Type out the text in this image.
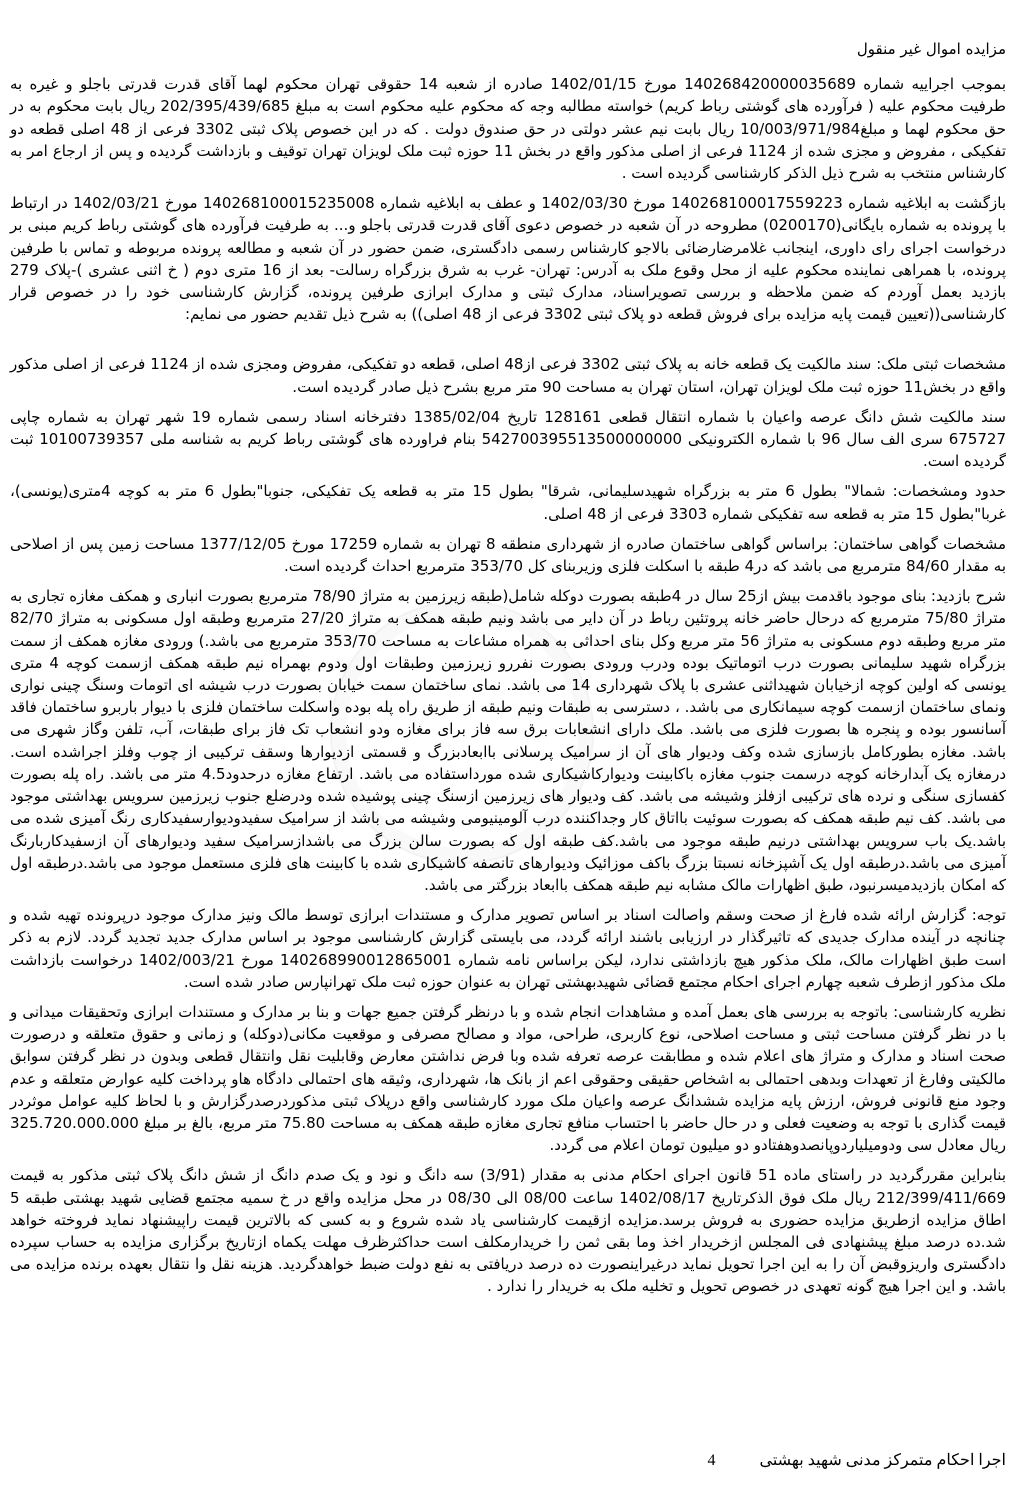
مزایده اموال غیر منقول

بموجب اجراییه شماره 140268420000035689 مورخ 1402/01/15 صادره از شعبه 14 حقوقی تهران محکوم لهما آقای قدرت قدرتی باجلو و غیره به طرفیت محکوم علیه ( فرآورده های گوشتی رباط کریم) خواسته مطالبه وجه که محکوم علیه محکوم است به مبلغ 202/395/439/685 ریال بابت محکوم به در حق محکوم لهما و مبلغ10/003/971/984 ریال بابت نیم عشر دولتی در حق صندوق دولت . که در این خصوص پلاک ثبتی 3302 فرعی از 48 اصلی قطعه دو تفکیکی ، مفروض و مجزی شده از 1124 فرعی از اصلی مذکور واقع در بخش 11 حوزه ثبت ملک لویزان تهران توقیف و بازداشت گردیده و پس از ارجاع امر به کارشناس منتخب به شرح ذیل الذکر کارشناسی گردیده است .

بازگشت به ابلاغیه شماره 140268100017559223 مورخ 1402/03/30 و عطف به ابلاغیه شماره 140268100015235008 مورخ 1402/03/21 در ارتباط با پرونده به شماره بایگانی(0200170) مطروحه در آن شعبه در خصوص دعوی آقای قدرت قدرتی باجلو و... به طرفیت فرآورده های گوشتی رباط کریم مبنی بر درخواست اجرای رای داوری، اینجانب غلامرضارضائی بالاجو کارشناس رسمی دادگستری، ضمن حضور در آن شعبه و مطالعه پرونده مربوطه و تماس با طرفین پرونده، با همراهی نماینده محکوم علیه از محل وقوع ملک به آدرس: تهران- غرب به شرق بزرگراه رسالت- بعد از 16 متری دوم ( خ اثنی عشری )-پلاک 279 بازدید بعمل آوردم که ضمن ملاحظه و بررسی تصویراسناد، مدارک ثبتی و مدارک ابرازی طرفین پرونده، گزارش کارشناسی خود را در خصوص قرار کارشناسی((تعیین قیمت پایه مزایده برای فروش قطعه دو پلاک ثبتی 3302 فرعی از 48 اصلی)) به شرح ذیل تقدیم حضور می نمایم:

مشخصات ثبتی ملک: سند مالکیت یک قطعه خانه به پلاک ثبتی 3302 فرعی از48 اصلی، قطعه دو تفکیکی، مفروض ومجزی شده از 1124 فرعی از اصلی مذکور واقع در بخش11 حوزه ثبت ملک لویزان تهران، استان تهران به مساحت 90 متر مربع بشرح ذیل صادر گردیده است.

سند مالکیت شش دانگ عرصه واعیان با شماره انتقال قطعی 128161 تاریخ 1385/02/04 دفترخانه اسناد رسمی شماره 19 شهر تهران به شماره چاپی 675727 سری الف سال 96 با شماره الکترونیکی 542700395513500000000 بنام فراورده های گوشتی رباط کریم به شناسه ملی 10100739357 ثبت گردیده است.

حدود ومشخصات: شمالا" بطول 6 متر به بزرگراه شهیدسلیمانی، شرقا" بطول 15 متر به قطعه یک تفکیکی، جنوبا"بطول 6 متر به کوچه 4متری(یونسی)، غربا"بطول 15 متر به قطعه سه تفکیکی شماره 3303 فرعی از 48 اصلی.

مشخصات گواهی ساختمان: براساس گواهی ساختمان صادره از شهرداری منطقه 8 تهران به شماره 17259 مورخ 1377/12/05 مساحت زمین پس از اصلاحی به مقدار 84/60 مترمربع می باشد که در4 طبقه با اسکلت فلزی وزیربنای کل 353/70 مترمربع احداث گردیده است.

شرح بازدید: بنای موجود باقدمت بیش از25 سال در 4طبقه بصورت دوکله شامل(طبقه زیرزمین به متراژ 78/90 مترمربع بصورت انباری و همکف مغازه تجاری به متراژ 75/80 مترمربع که درحال حاضر خانه پروتئین رباط در آن دایر می باشد ونیم طبقه همکف به متراژ 27/20 مترمربع وطبقه اول مسکونی به متراژ 82/70 متر مربع وطبقه دوم مسکونی به متراژ 56 متر مربع وکل بنای احداثی به همراه مشاعات به مساحت 353/70 مترمربع می باشد.) ورودی مغازه همکف از سمت بزرگراه شهید سلیمانی بصورت درب اتوماتیک بوده ودرب ورودی بصورت نفررو زیرزمین وطبقات اول ودوم بهمراه نیم طبقه همکف ازسمت کوچه 4 متری یونسی که اولین کوچه ازخیابان شهیداثنی عشری با پلاک شهرداری 14 می باشد. نمای ساختمان سمت خیابان بصورت درب شیشه ای اتومات وسنگ چینی نواری ونمای ساختمان ازسمت کوچه سیمانکاری می باشد. ، دسترسی به طبقات ونیم طبقه از طریق راه پله بوده واسکلت ساختمان فلزی با دیوار باربرو ساختمان فاقد آسانسور بوده و پنجره ها بصورت فلزی می باشد. ملک دارای انشعابات برق سه فاز برای مغازه ودو انشعاب تک فاز برای طبقات، آب، تلفن وگاز شهری می باشد. مغازه بطورکامل بازسازی شده وکف ودیوار های آن از سرامیک پرسلانی باابعادبزرگ و قسمتی ازدیوارها وسقف ترکیبی از چوب وفلز اجراشده است. درمغازه یک آبدارخانه کوچه درسمت جنوب مغازه باکابینت ودیوارکاشیکاری شده مورداستفاده می باشد. ارتفاع مغازه درحدود4.5 متر می باشد. راه پله بصورت کفسازی سنگی و نرده های ترکیبی ازفلز وشیشه می باشد. کف ودیوار های زیرزمین ازسنگ چینی پوشیده شده ودرضلع جنوب زیرزمین سرویس بهداشتی موجود می باشد. کف نیم طبقه همکف که بصورت سوئیت بااتاق کار وجداکننده درب آلومینیومی وشیشه می باشد از سرامیک سفیدودیوارسفیدکاری رنگ آمیزی شده می باشد.یک باب سرویس بهداشتی درنیم طبقه موجود می باشد.کف طبقه اول که بصورت سالن بزرگ می باشدازسرامیک سفید ودیوارهای آن ازسفیدکاربارنگ آمیزی می باشد.درطبقه اول یک آشپزخانه نسبتا بزرگ باکف موزائیک ودیوارهای تانصفه کاشیکاری شده با کابینت های فلزی مستعمل موجود می باشد.درطبقه اول که امکان بازدیدمیسرنبود، طبق اظهارات مالک مشابه نیم طبقه همکف باابعاد بزرگتر می باشد.

توجه: گزارش ارائه شده فارغ از صحت وسقم واصالت اسناد بر اساس تصویر مدارک و مستندات ابرازی توسط مالک ونیز مدارک موجود درپرونده تهیه شده و چنانچه در آینده مدارک جدیدی که تاثیرگذار در ارزیابی باشند ارائه گردد، می بایستی گزارش کارشناسی موجود بر اساس مدارک جدید تجدید گردد. لازم به ذکر است طبق اظهارات مالک، ملک مذکور هیچ بازداشتی ندارد، لیکن براساس نامه شماره 140268990012865001 مورخ 1402/003/21 درخواست بازداشت ملک مذکور ازطرف شعبه چهارم اجرای احکام مجتمع قضائی شهیدبهشتی تهران به عنوان حوزه ثبت ملک تهرانپارس صادر شده است.

نظریه کارشناسی: باتوجه به بررسی های بعمل آمده و مشاهدات انجام شده و با درنظر گرفتن جمیع جهات و بنا بر مدارک و مستندات ابرازی وتحقیقات میدانی و با در نظر گرفتن مساحت ثبتی و مساحت اصلاحی، نوع کاربری، طراحی، مواد و مصالح مصرفی و موقعیت مکانی(دوکله) و زمانی و حقوق متعلقه و درصورت صحت اسناد و مدارک و متراژ های اعلام شده و مطابقت عرصه تعرفه شده وبا فرض نداشتن معارض وقابلیت نقل وانتقال قطعی وبدون در نظر گرفتن سوابق مالکیتی وفارغ از تعهدات وبدهی احتمالی به اشخاص حقیقی وحقوقی اعم از بانک ها، شهرداری، وثیقه های احتمالی دادگاه هاو پرداخت کلیه عوارض متعلقه و عدم وجود منع قانونی فروش، ارزش پایه مزایده ششدانگ عرصه واعیان ملک مورد کارشناسی واقع درپلاک ثبتی مذکوردرصدرگزارش و با لحاظ کلیه عوامل موثردر قیمت گذاری با توجه به وضعیت فعلی و در حال حاضر با احتساب منافع تجاری مغازه طبقه همکف به مساحت 75.80 متر مربع، بالغ بر مبلغ 325.720.000.000 ریال معادل سی ودومیلیاردوپانصدوهفتادو دو میلیون تومان اعلام می گردد.

بنابراین مقررگردید در راستای ماده 51 قانون اجرای احکام مدنی به مقدار (3/91) سه دانگ و نود و یک صدم دانگ از شش دانگ پلاک ثبتی مذکور به قیمت 212/399/411/669 ریال ملک فوق الذکرتاریخ 1402/08/17 ساعت 08/00 الی 08/30 در محل مزایده واقع در خ سمیه مجتمع قضایی شهید بهشتی طبقه 5 اطاق مزایده ازطریق مزایده حضوری به فروش برسد.مزایده ازقیمت کارشناسی یاد شده شروع و به کسی که بالاترین قیمت راپیشنهاد نماید فروخته خواهد شد.ده درصد مبلغ پیشنهادی فی المجلس ازخریدار اخذ وما بقی ثمن را خریدارمکلف است حداکثرظرف مهلت یکماه ازتاریخ برگزاری مزایده به حساب سپرده دادگستری واریزوقبض آن را به این اجرا تحویل نماید درغیراینصورت ده درصد دریافتی به نفع دولت ضبط خواهدگردید. هزینه نقل وا نتقال بعهده برنده مزایده می باشد. و این اجرا هیچ گونه تعهدی در خصوص تحویل و تخلیه ملک به خریدار را ندارد .

اجرا احکام متمرکز مدنی شهید بهشتی 4
